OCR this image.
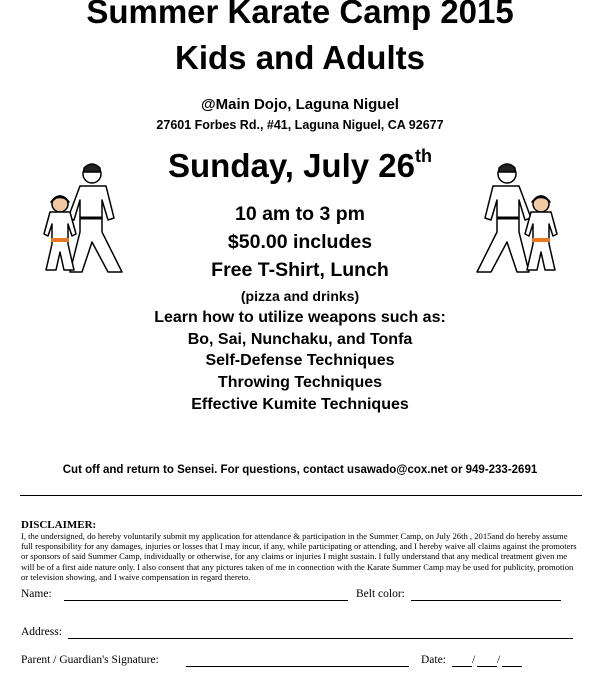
Summer Karate Camp 2015
Kids and Adults
@Main Dojo, Laguna Niguel
27601 Forbes Rd., #41, Laguna Niguel, CA 92677
Sunday, July 26th
10 am to 3 pm
$50.00 includes
Free T-Shirt, Lunch
(pizza and drinks)
Learn how to utilize weapons such as:
Bo, Sai, Nunchaku, and Tonfa
Self-Defense Techniques
Throwing Techniques
Effective Kumite Techniques
Cut off and return to Sensei. For questions, contact usawado@cox.net or 949-233-2691
DISCLAIMER:
I, the undersigned, do hereby voluntarily submit my application for attendance & participation in the Summer Camp, on July 26th , 2015and do hereby assume full responsibility for any damages, injuries or losses that I may incur, if any, while participating or attending, and I hereby waive all claims against the promoters or sponsors of said Summer Camp, individually or otherwise, for any claims or injuries I might sustain. I fully understand that any medical treatment given me will be of a first aide nature only. I also consent that any pictures taken of me in connection with the Karate Summer Camp may be used for publicity, promotion or television showing, and I waive compensation in regard thereto.
Name:	Belt color:
Address:
Parent / Guardian's Signature:	Date: / /
